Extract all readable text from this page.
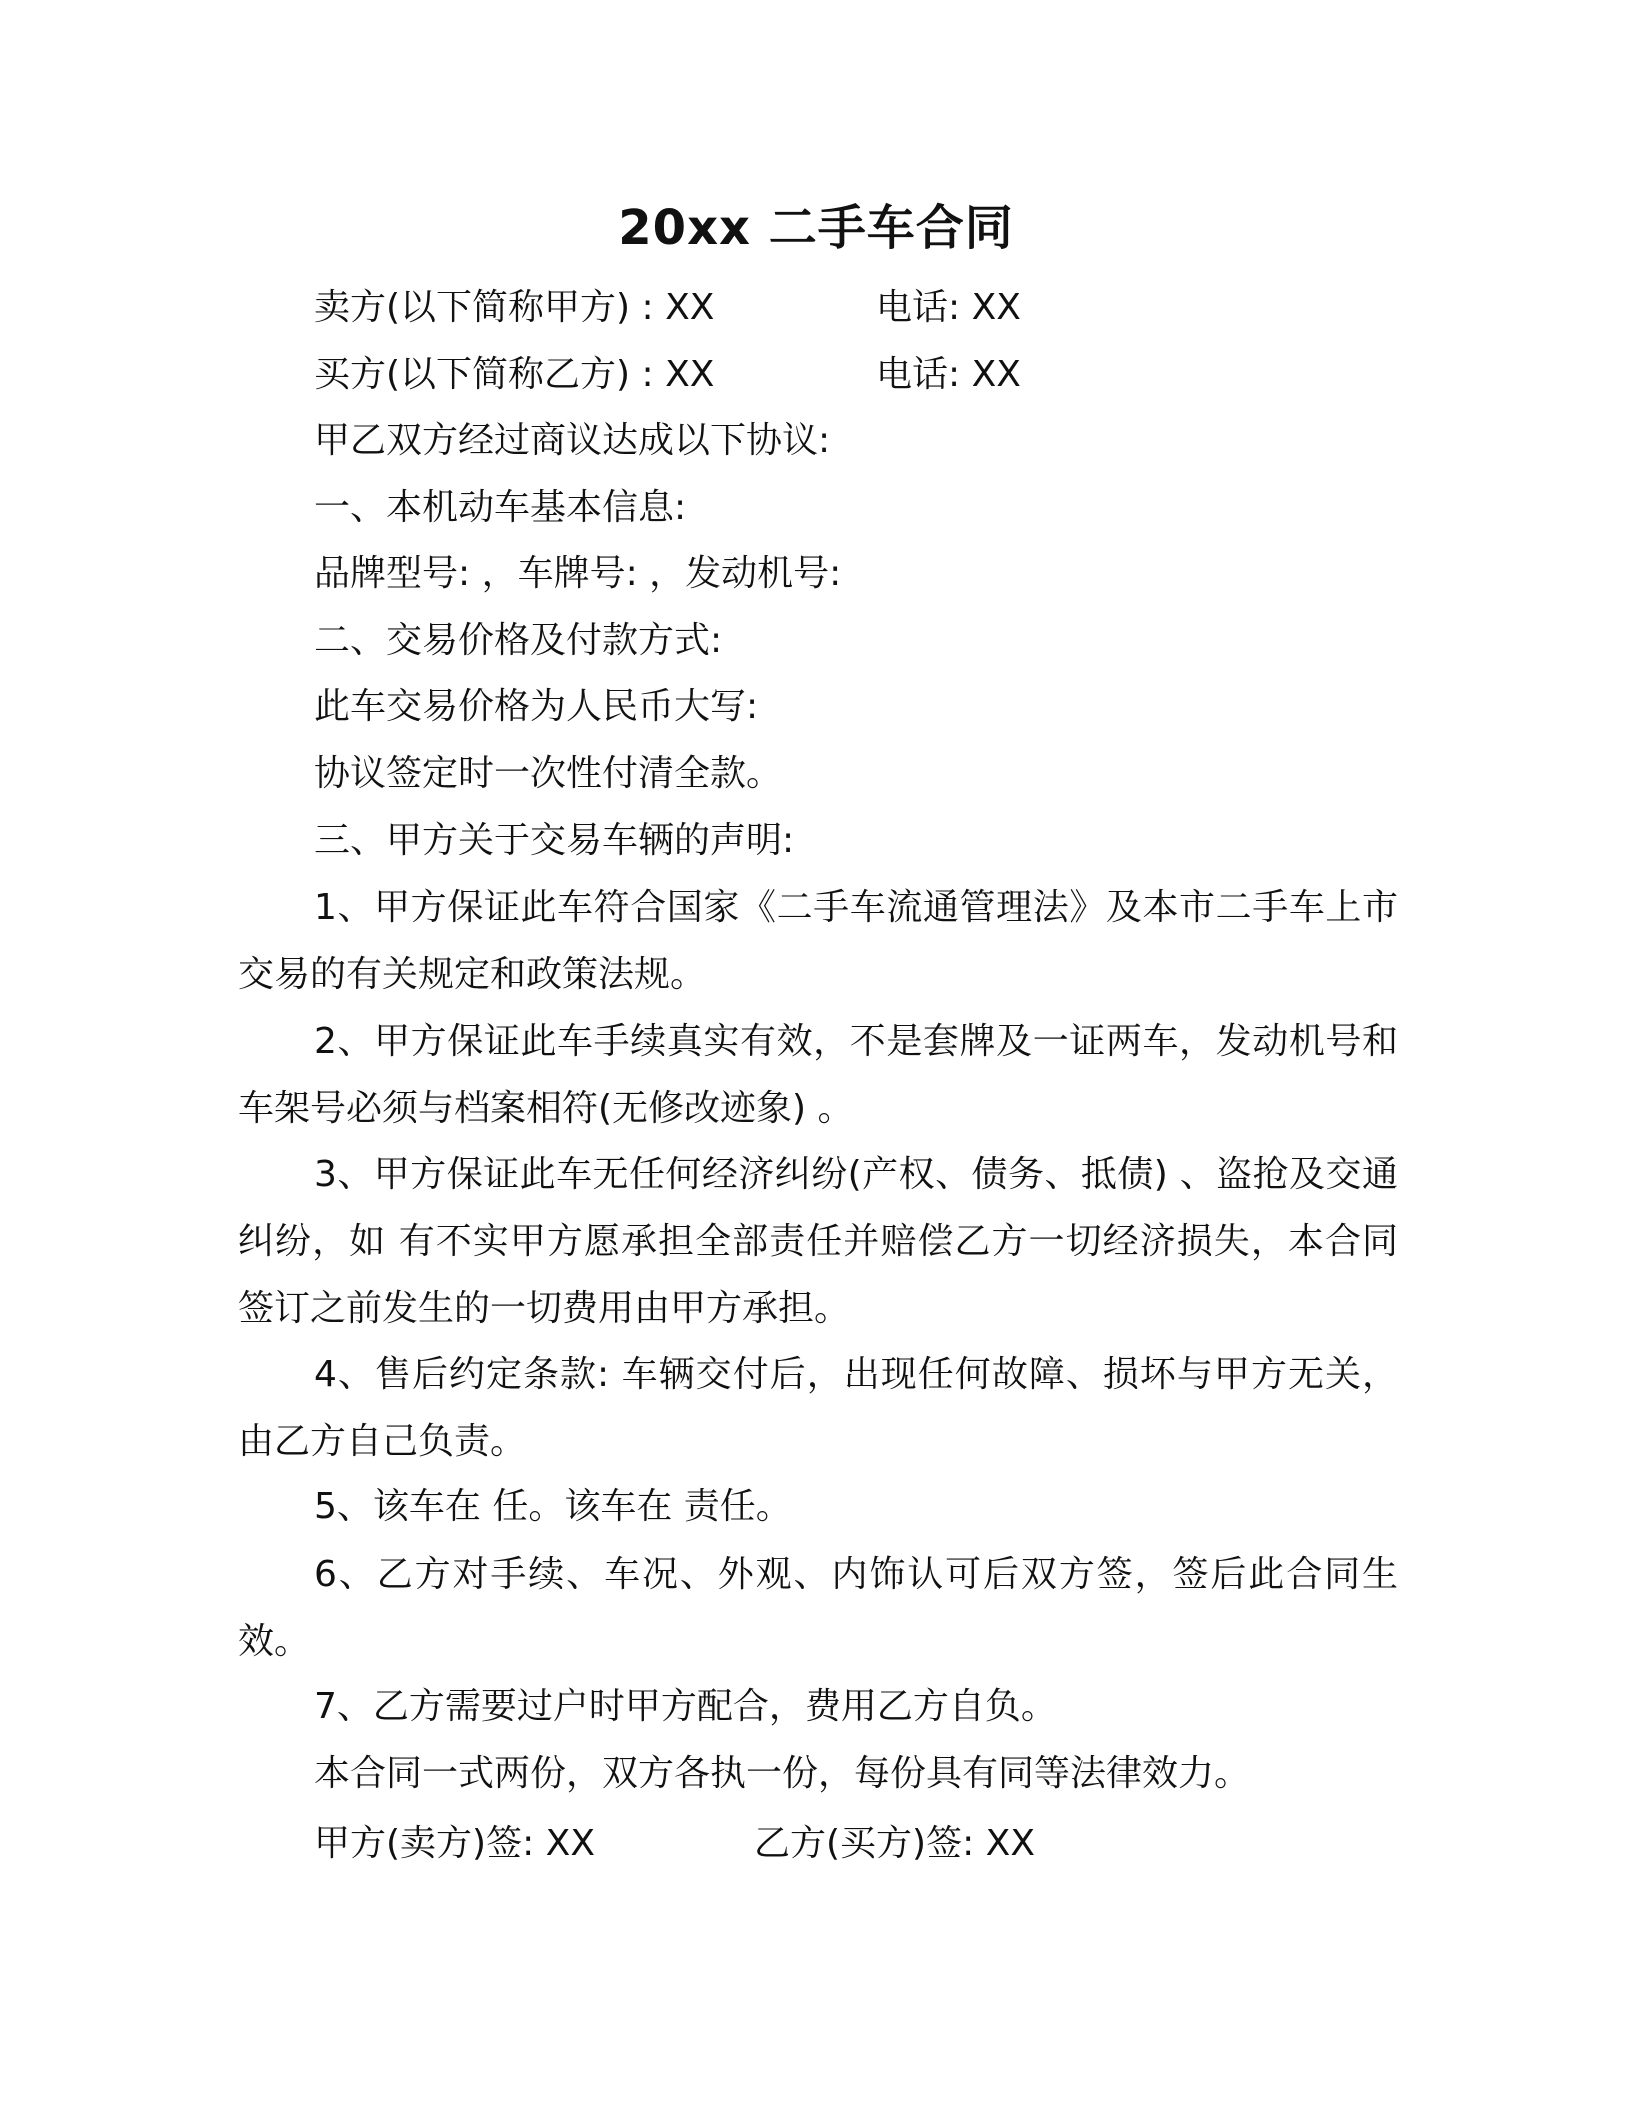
20xx 二手车合同
卖方(以下简称甲方) : XX	电话: XX
买方(以下简称乙方) : XX	电话: XX
甲乙双方经过商议达成以下协议:
一、本机动车基本信息:
品牌型号: ，车牌号: ，发动机号:
二、交易价格及付款方式:
此车交易价格为人民币大写:
协议签定时一次性付清全款。
三、甲方关于交易车辆的声明:
1、甲方保证此车符合国家《二手车流通管理法》及本市二手车上市交易的有关规定和政策法规。
2、甲方保证此车手续真实有效，不是套牌及一证两车，发动机号和车架号必须与档案相符(无修改迹象) 。
3、甲方保证此车无任何经济纠纷(产权、债务、抵债) 、盗抢及交通纠纷，如 有不实甲方愿承担全部责任并赔偿乙方一切经济损失，本合同签订之前发生的一切费用由甲方承担。
4、售后约定条款: 车辆交付后，出现任何故障、损坏与甲方无关，由乙方自己负责。
5、该车在 任。该车在 责任。
6、乙方对手续、车况、外观、内饰认可后双方签，签后此合同生效。
7、乙方需要过户时甲方配合，费用乙方自负。
本合同一式两份，双方各执一份，每份具有同等法律效力。
甲方(卖方)签: XX	乙方(买方)签: XX
